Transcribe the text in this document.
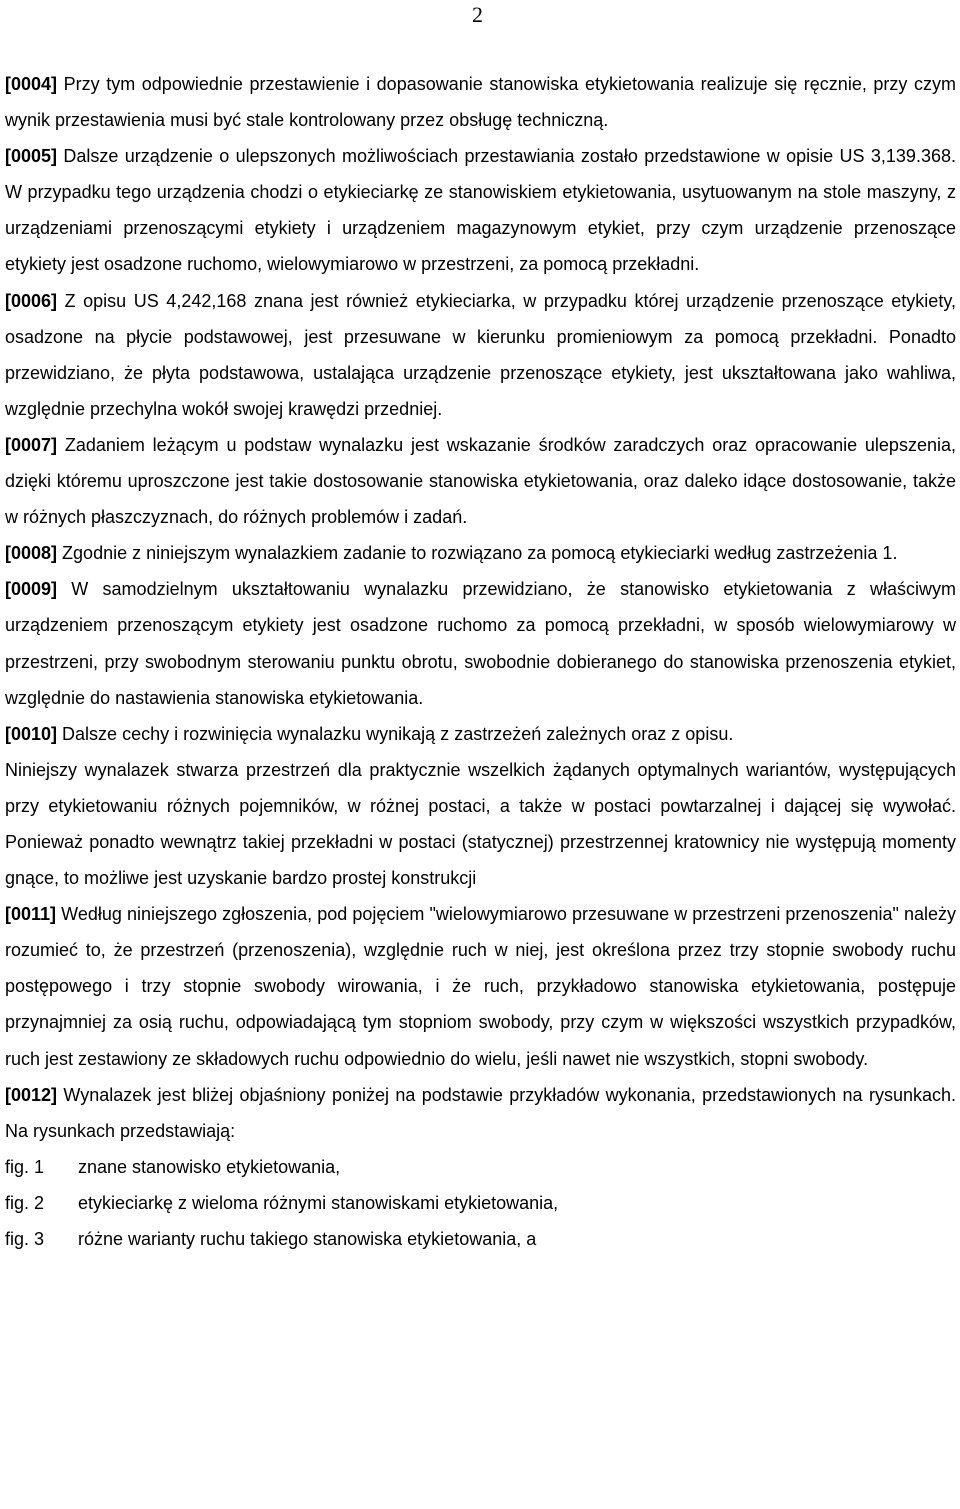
2

[0004] Przy tym odpowiednie przestawienie i dopasowanie stanowiska etykietowania realizuje się ręcznie, przy czym wynik przestawienia musi być stale kontrolowany przez obsługę techniczną.

[0005] Dalsze urządzenie o ulepszonych możliwościach przestawiania zostało przedstawione w opisie US 3,139.368. W przypadku tego urządzenia chodzi o etykieciarkę ze stanowiskiem etykietowania, usytuowanym na stole maszyny, z urządzeniami przenoszącymi etykiety i urządzeniem magazynowym etykiet, przy czym urządzenie przenoszące etykiety jest osadzone ruchomo, wielowymiarowo w przestrzeni, za pomocą przekładni.

[0006] Z opisu US 4,242,168 znana jest również etykieciarka, w przypadku której urządzenie przenoszące etykiety, osadzone na płycie podstawowej, jest przesuwane w kierunku promieniowym za pomocą przekładni. Ponadto przewidziano, że płyta podstawowa, ustalająca urządzenie przenoszące etykiety, jest ukształtowana jako wahliwa, względnie przechylna wokół swojej krawędzi przedniej.

[0007] Zadaniem leżącym u podstaw wynalazku jest wskazanie środków zaradczych oraz opracowanie ulepszenia, dzięki któremu uproszczone jest takie dostosowanie stanowiska etykietowania, oraz daleko idące dostosowanie, także w różnych płaszczyznach, do różnych problemów i zadań.

[0008] Zgodnie z niniejszym wynalazkiem zadanie to rozwiązano za pomocą etykieciarki według zastrzeżenia 1.

[0009] W samodzielnym ukształtowaniu wynalazku przewidziano, że stanowisko etykietowania z właściwym urządzeniem przenoszącym etykiety jest osadzone ruchomo za pomocą przekładni, w sposób wielowymiarowy w przestrzeni, przy swobodnym sterowaniu punktu obrotu, swobodnie dobieranego do stanowiska przenoszenia etykiet, względnie do nastawienia stanowiska etykietowania.

[0010] Dalsze cechy i rozwinięcia wynalazku wynikają z zastrzeżeń zależnych oraz z opisu.

Niniejszy wynalazek stwarza przestrzeń dla praktycznie wszelkich żądanych optymalnych wariantów, występujących przy etykietowaniu różnych pojemników, w różnej postaci, a także w postaci powtarzalnej i dającej się wywołać. Ponieważ ponadto wewnątrz takiej przekładni w postaci (statycznej) przestrzennej kratownicy nie występują momenty gnące, to możliwe jest uzyskanie bardzo prostej konstrukcji

[0011] Według niniejszego zgłoszenia, pod pojęciem "wielowymiarowo przesuwane w przestrzeni przenoszenia" należy rozumieć to, że przestrzeń (przenoszenia), względnie ruch w niej, jest określona przez trzy stopnie swobody ruchu postępowego i trzy stopnie swobody wirowania, i że ruch, przykładowo stanowiska etykietowania, postępuje przynajmniej za osią ruchu, odpowiadającą tym stopniom swobody, przy czym w większości wszystkich przypadków, ruch jest zestawiony ze składowych ruchu odpowiednio do wielu, jeśli nawet nie wszystkich, stopni swobody.

[0012] Wynalazek jest bliżej objaśniony poniżej na podstawie przykładów wykonania, przedstawionych na rysunkach. Na rysunkach przedstawiają:

fig. 1	znane stanowisko etykietowania,
fig. 2	etykieciarkę z wieloma różnymi stanowiskami etykietowania,
fig. 3	różne warianty ruchu takiego stanowiska etykietowania, a
